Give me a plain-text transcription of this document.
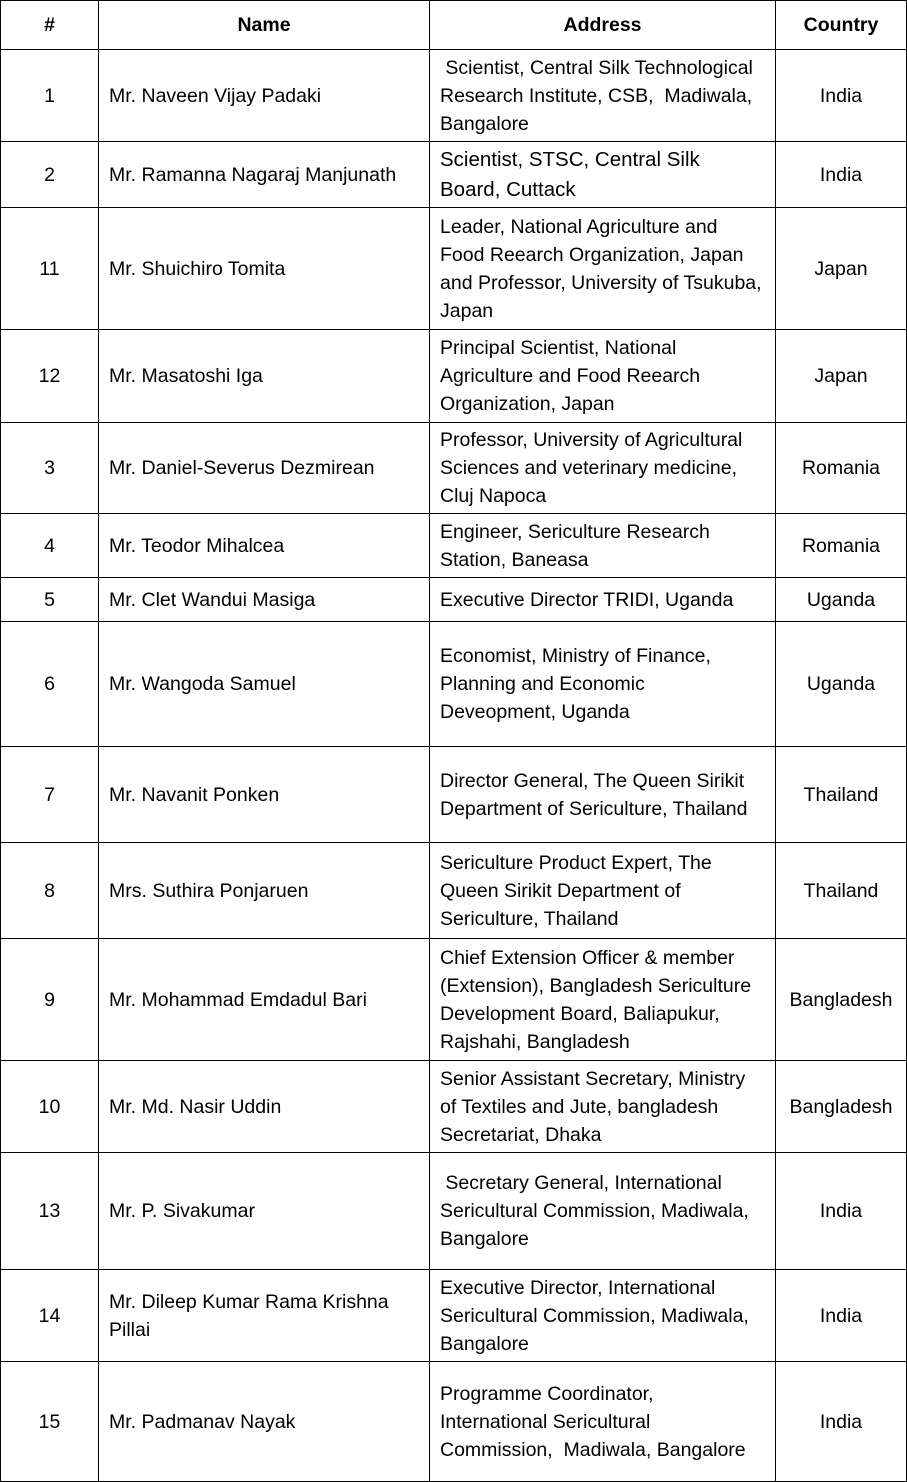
#	Name	Address	Country
1	Mr. Naveen Vijay Padaki	Scientist, Central Silk Technological Research Institute, CSB,  Madiwala, Bangalore	India
2	Mr. Ramanna Nagaraj Manjunath	Scientist, STSC, Central Silk Board, Cuttack	India
11	Mr. Shuichiro Tomita	Leader, National Agriculture and Food Reearch Organization, Japan and Professor, University of Tsukuba, Japan	Japan
12	Mr. Masatoshi Iga	Principal Scientist, National Agriculture and Food Reearch Organization, Japan	Japan
3	Mr. Daniel-Severus Dezmirean	Professor, University of Agricultural Sciences and veterinary medicine, Cluj Napoca	Romania
4	Mr. Teodor Mihalcea	Engineer, Sericulture Research Station, Baneasa	Romania
5	Mr. Clet Wandui Masiga	Executive Director TRIDI, Uganda	Uganda
6	Mr. Wangoda Samuel	Economist, Ministry of Finance, Planning and Economic Deveopment, Uganda	Uganda
7	Mr. Navanit Ponken	Director General, The Queen Sirikit Department of Sericulture, Thailand	Thailand
8	Mrs. Suthira Ponjaruen	Sericulture Product Expert, The Queen Sirikit Department of Sericulture, Thailand	Thailand
9	Mr. Mohammad Emdadul Bari	Chief Extension Officer & member (Extension), Bangladesh Sericulture Development Board, Baliapukur, Rajshahi, Bangladesh	Bangladesh
10	Mr. Md. Nasir Uddin	Senior Assistant Secretary, Ministry of Textiles and Jute, bangladesh Secretariat, Dhaka	Bangladesh
13	Mr. P. Sivakumar	Secretary General, International Sericultural Commission, Madiwala, Bangalore	India
14	Mr. Dileep Kumar Rama Krishna Pillai	Executive Director, International Sericultural Commission, Madiwala, Bangalore	India
15	Mr. Padmanav Nayak	Programme Coordinator, International Sericultural Commission,  Madiwala, Bangalore	India
